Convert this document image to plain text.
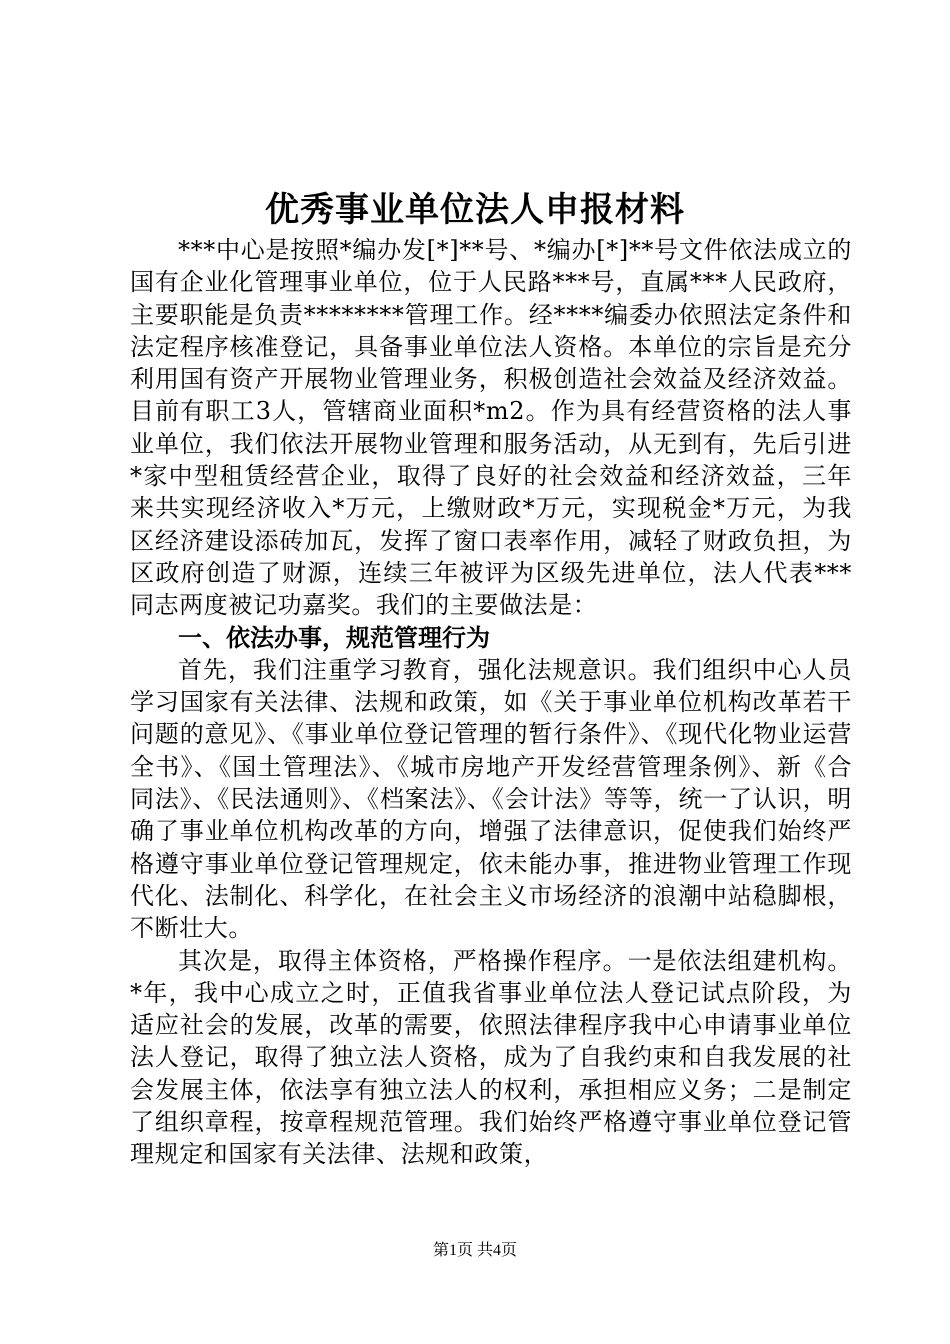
优秀事业单位法人申报材料

***中心是按照*编办发[*]**号、*编办[*]**号文件依法成立的国有企业化管理事业单位，位于人民路***号，直属***人民政府，主要职能是负责********管理工作。经****编委办依照法定条件和法定程序核准登记，具备事业单位法人资格。本单位的宗旨是充分利用国有资产开展物业管理业务，积极创造社会效益及经济效益。目前有职工3人，管辖商业面积*m2。作为具有经营资格的法人事业单位，我们依法开展物业管理和服务活动，从无到有，先后引进*家中型租赁经营企业，取得了良好的社会效益和经济效益，三年来共实现经济收入*万元，上缴财政*万元，实现税金*万元，为我区经济建设添砖加瓦，发挥了窗口表率作用，减轻了财政负担，为区政府创造了财源，连续三年被评为区级先进单位，法人代表***同志两度被记功嘉奖。我们的主要做法是：

一、依法办事，规范管理行为

首先，我们注重学习教育，强化法规意识。我们组织中心人员学习国家有关法律、法规和政策，如《关于事业单位机构改革若干问题的意见》、《事业单位登记管理的暂行条件》、《现代化物业运营全书》、《国土管理法》、《城市房地产开发经营管理条例》、新《合同法》、《民法通则》、《档案法》、《会计法》等等，统一了认识，明确了事业单位机构改革的方向，增强了法律意识，促使我们始终严格遵守事业单位登记管理规定，依未能办事，推进物业管理工作现代化、法制化、科学化，在社会主义市场经济的浪潮中站稳脚根，不断壮大。

其次是，取得主体资格，严格操作程序。一是依法组建机构。*年，我中心成立之时，正值我省事业单位法人登记试点阶段，为适应社会的发展，改革的需要，依照法律程序我中心申请事业单位法人登记，取得了独立法人资格，成为了自我约束和自我发展的社会发展主体，依法享有独立法人的权利，承担相应义务；二是制定了组织章程，按章程规范管理。我们始终严格遵守事业单位登记管理规定和国家有关法律、法规和政策，

第1页 共4页
